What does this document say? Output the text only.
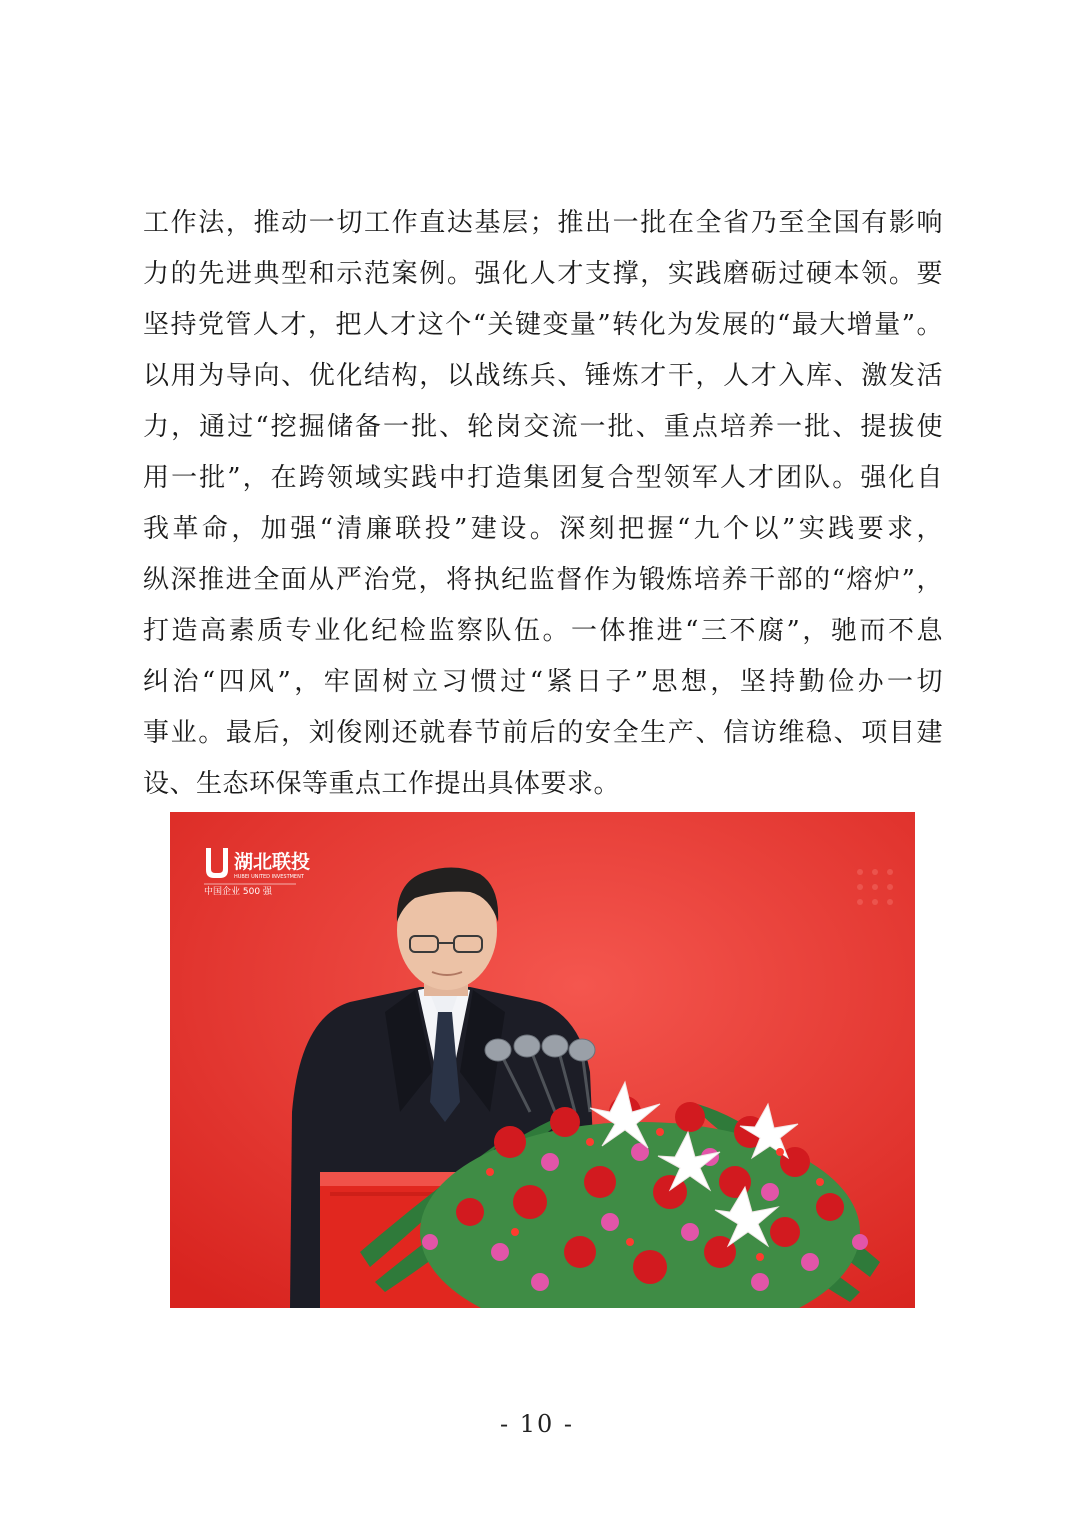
工作法，推动一切工作直达基层；推出一批在全省乃至全国有影响
力的先进典型和示范案例。强化人才支撑，实践磨砺过硬本领。要
坚持党管人才，把人才这个“关键变量”转化为发展的“最大增量”。
以用为导向、优化结构，以战练兵、锤炼才干，人才入库、激发活
力，通过“挖掘储备一批、轮岗交流一批、重点培养一批、提拔使
用一批”，在跨领域实践中打造集团复合型领军人才团队。强化自
我革命，加强“清廉联投”建设。深刻把握“九个以”实践要求，
纵深推进全面从严治党，将执纪监督作为锻炼培养干部的“熔炉”，
打造高素质专业化纪检监察队伍。一体推进“三不腐”，驰而不息
纠治“四风”，牢固树立习惯过“紧日子”思想，坚持勤俭办一切
事业。最后，刘俊刚还就春节前后的安全生产、信访维稳、项目建
设、生态环保等重点工作提出具体要求。
湖北联投
HUBEI UNITED INVESTMENT
中国企业 500 强
- 10 -
